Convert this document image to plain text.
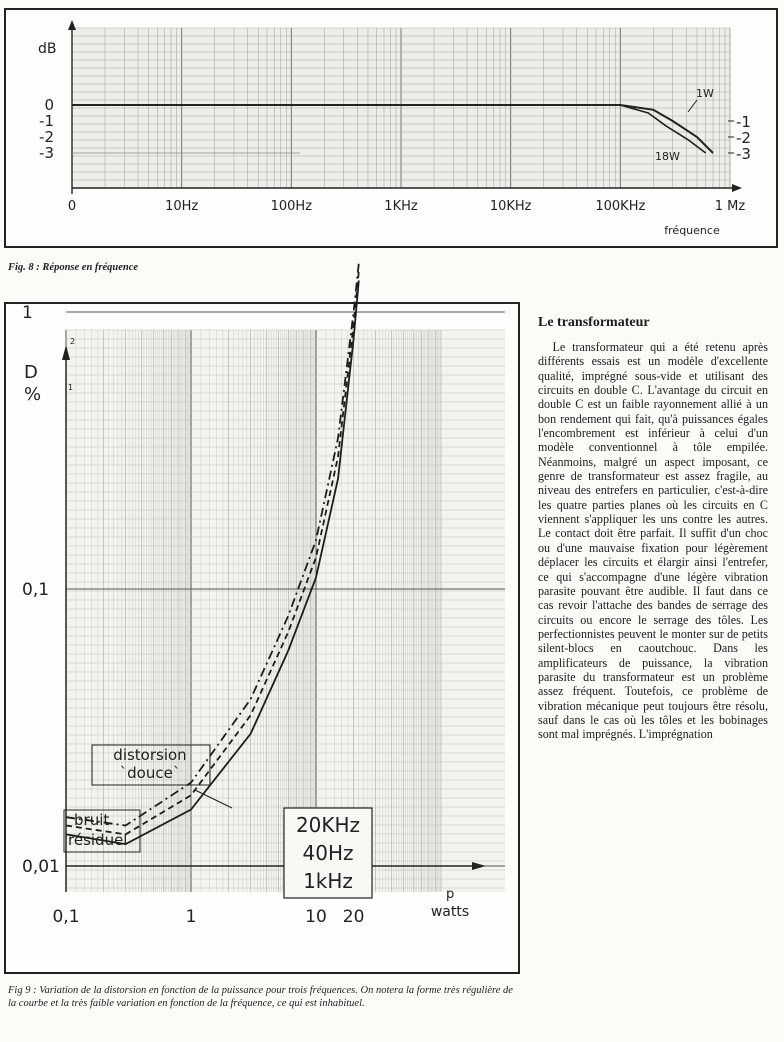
dB
0
-1
-2
-3
-1
-2
-3
0	10Hz	100Hz	1KHz	10KHz	100KHz	1 Mz
fréquence
1W
18W
Fig. 8 : Réponse en fréquence
D
%
2
1
1
0,1
0,01
0,1	1	10 20
p
watts
distorsion
`douce`
bruit
résiduel
20KHz
40Hz
1kHz
Fig 9 : Variation de la distorsion en fonction de la puissance pour trois fréquences. On notera la forme très régulière de la courbe et la très faible variation en fonction de la fréquence, ce qui est inhabituel.
Le transformateur
Le transformateur qui a été retenu après différents essais est un modèle d'excellente qualité, imprégné sous-vide et utilisant des circuits en double C. L'avantage du circuit en double C est un faible rayonnement allié à un bon rendement qui fait, qu'à puissances égales l'encombrement est inférieur à celui d'un modèle conventionnel à tôle empilée. Néanmoins, malgré un aspect imposant, ce genre de transformateur est assez fragile, au niveau des entrefers en particulier, c'est-à-dire les quatre parties planes où les circuits en C viennent s'appliquer les uns contre les autres. Le contact doit être parfait. Il suffit d'un choc ou d'une mauvaise fixation pour légèrement déplacer les circuits et élargir ainsi l'entrefer, ce qui s'accompagne d'une légère vibration parasite pouvant être audible. Il faut dans ce cas revoir l'attache des bandes de serrage des circuits ou encore le serrage des tôles. Les perfectionnistes peuvent le monter sur de petits silent-blocs en caoutchouc. Dans les amplificateurs de puissance, la vibration parasite du transformateur est un problème assez fréquent. Toutefois, ce problème de vibration mécanique peut toujours être résolu, sauf dans le cas où les tôles et les bobinages sont mal imprégnés. L'imprégnation
